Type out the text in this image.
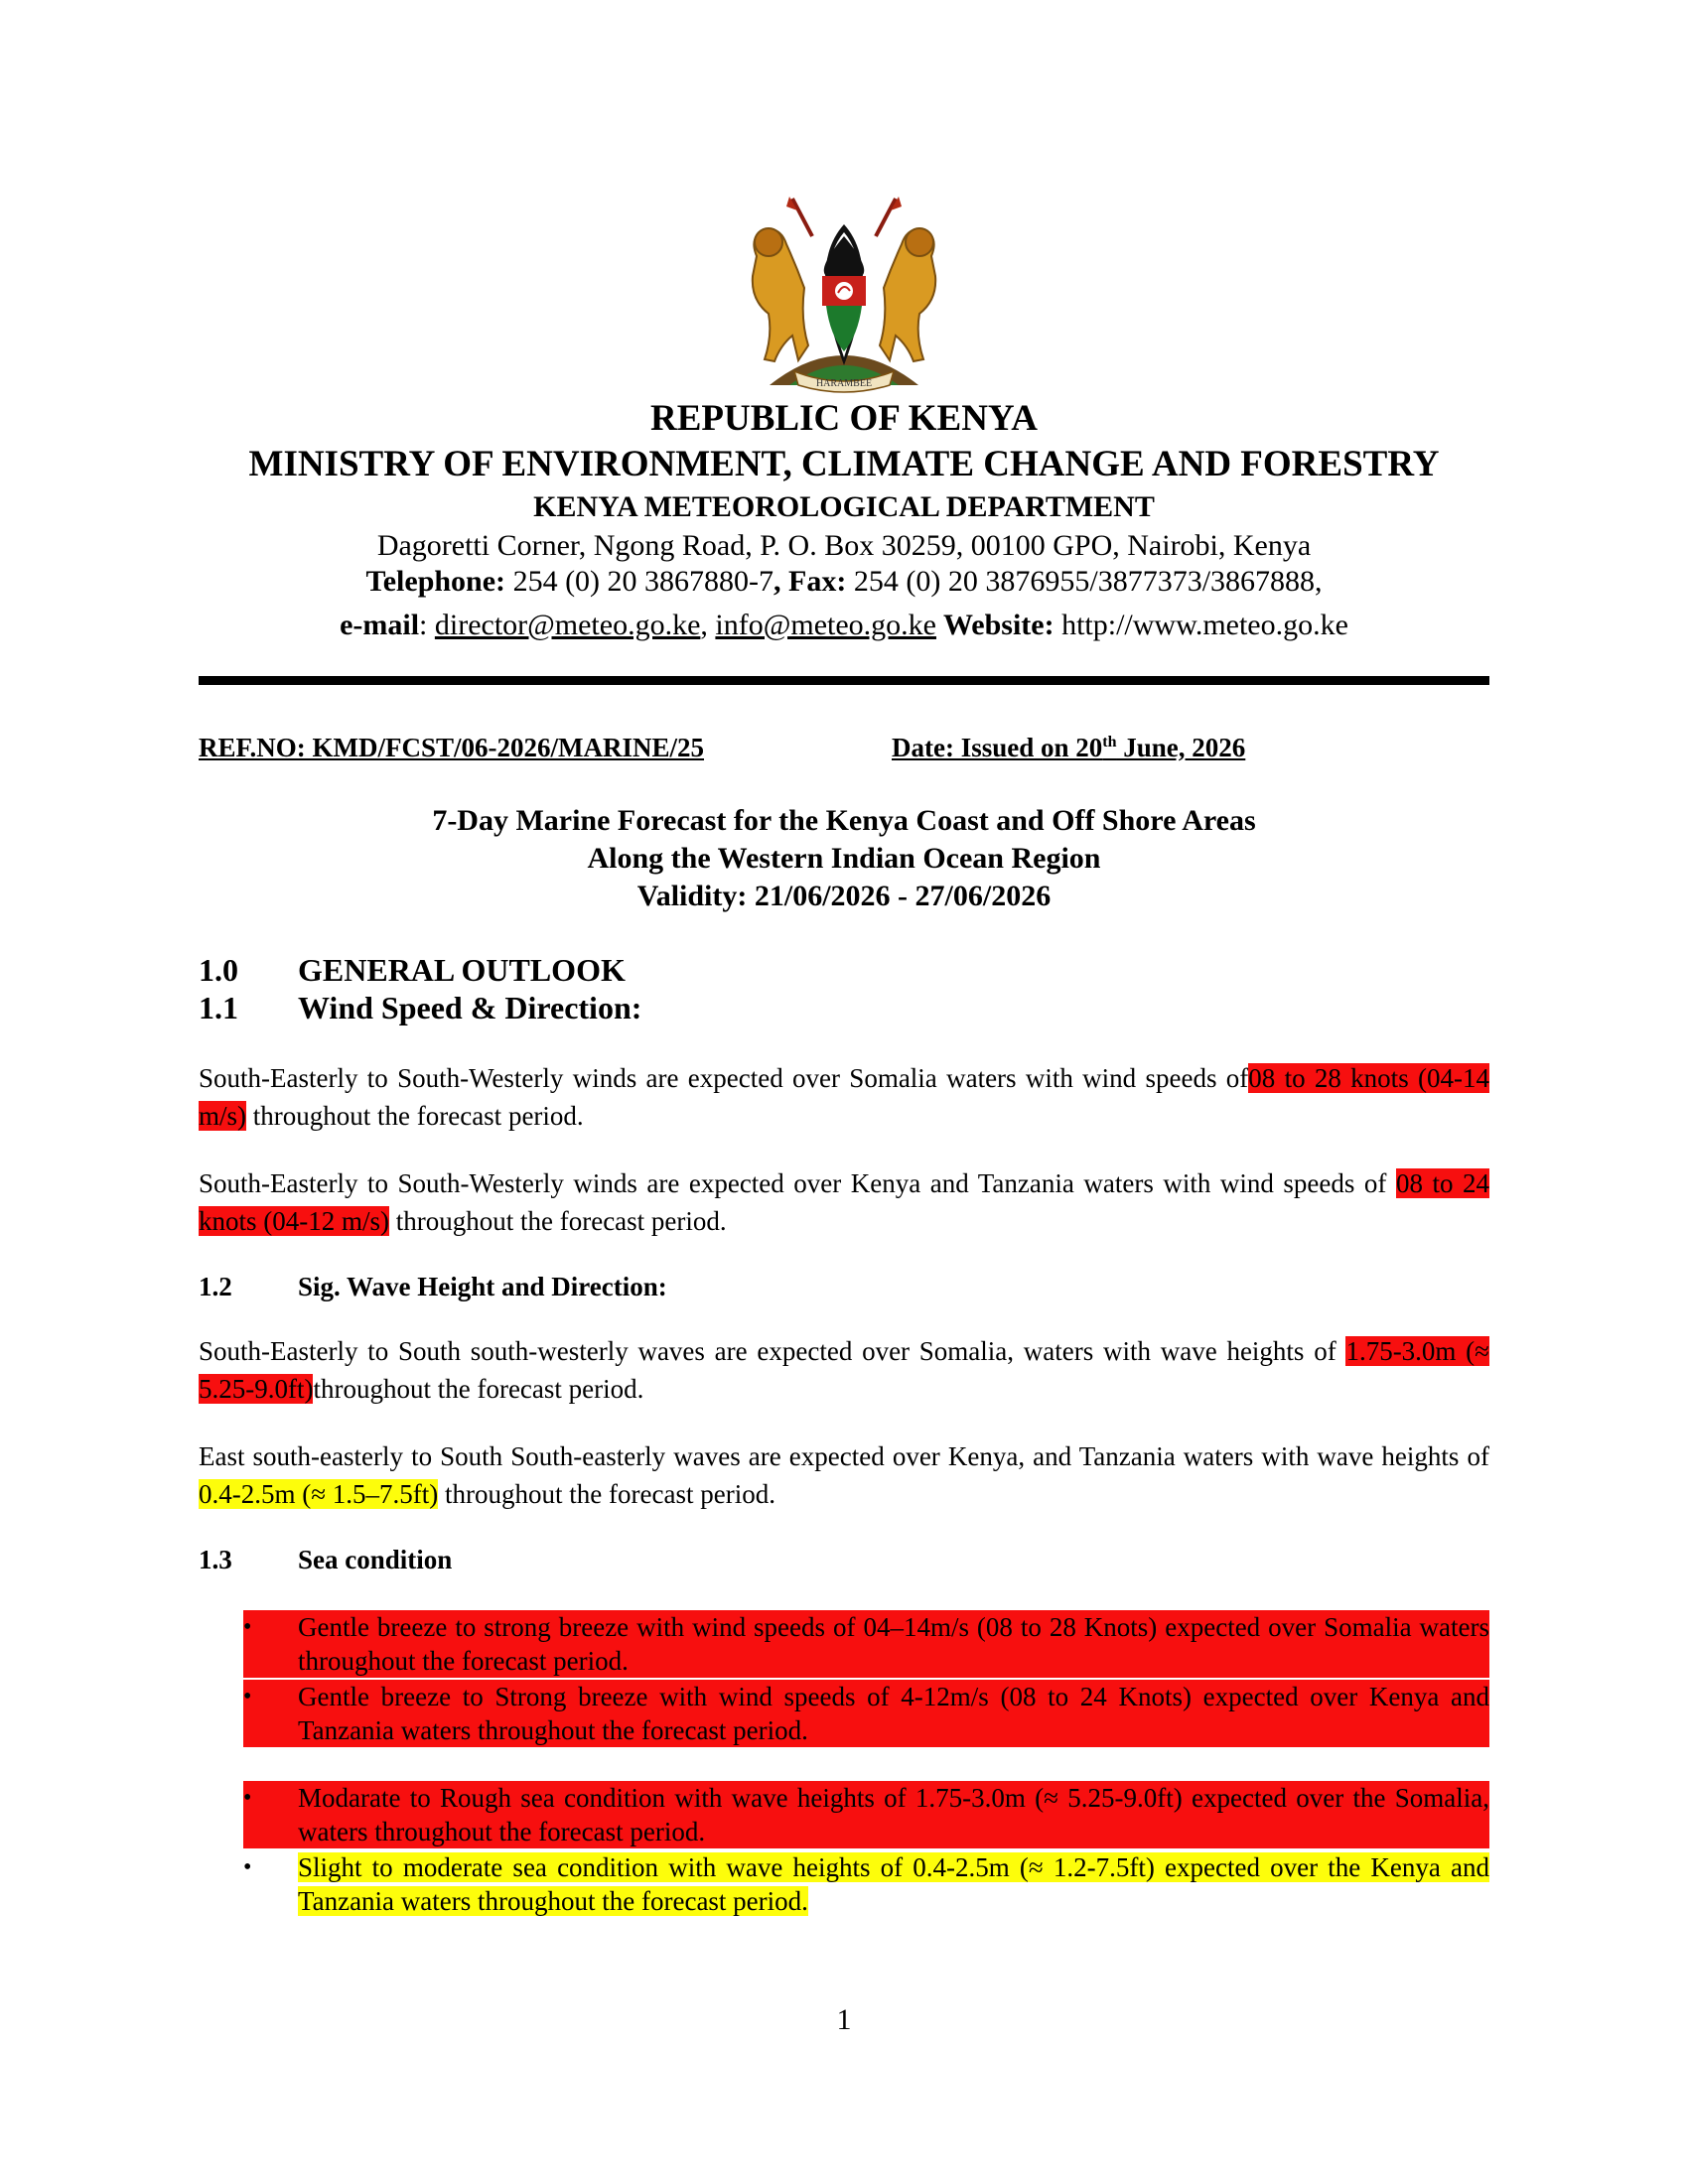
HARAMBEE
REPUBLIC OF KENYA
MINISTRY OF ENVIRONMENT, CLIMATE CHANGE AND FORESTRY
KENYA METEOROLOGICAL DEPARTMENT
Dagoretti Corner, Ngong Road, P. O. Box 30259, 00100 GPO, Nairobi, Kenya
Telephone: 254 (0) 20 3867880-7, Fax: 254 (0) 20 3876955/3877373/3867888,
e-mail: director@meteo.go.ke, info@meteo.go.ke Website: http://www.meteo.go.ke
REF.NO: KMD/FCST/06-2026/MARINE/25	Date: Issued on 20th June, 2026
7-Day Marine Forecast for the Kenya Coast and Off Shore Areas
Along the Western Indian Ocean Region
Validity: 21/06/2026 - 27/06/2026
1.0 GENERAL OUTLOOK
1.1 Wind Speed & Direction:
South-Easterly to South-Westerly winds are expected over Somalia waters with wind speeds of08 to 28 knots (04-14 m/s) throughout the forecast period.
South-Easterly to South-Westerly winds are expected over Kenya and Tanzania waters with wind speeds of 08 to 24 knots (04-12 m/s) throughout the forecast period.
1.2 Sig. Wave Height and Direction:
South-Easterly to South south-westerly waves are expected over Somalia, waters with wave heights of 1.75-3.0m (≈ 5.25-9.0ft)throughout the forecast period.
East south-easterly to South South-easterly waves are expected over Kenya, and Tanzania waters with wave heights of 0.4-2.5m (≈ 1.5–7.5ft) throughout the forecast period.
1.3 Sea condition
•	Gentle breeze to strong breeze with wind speeds of 04–14m/s (08 to 28 Knots) expected over Somalia waters throughout the forecast period.
•	Gentle breeze to Strong breeze with wind speeds of 4-12m/s (08 to 24 Knots) expected over Kenya and Tanzania waters throughout the forecast period.
•	Modarate to Rough sea condition with wave heights of 1.75-3.0m (≈ 5.25-9.0ft) expected over the Somalia, waters throughout the forecast period.
•	Slight to moderate sea condition with wave heights of 0.4-2.5m (≈ 1.2-7.5ft) expected over the Kenya and Tanzania waters throughout the forecast period.
1
